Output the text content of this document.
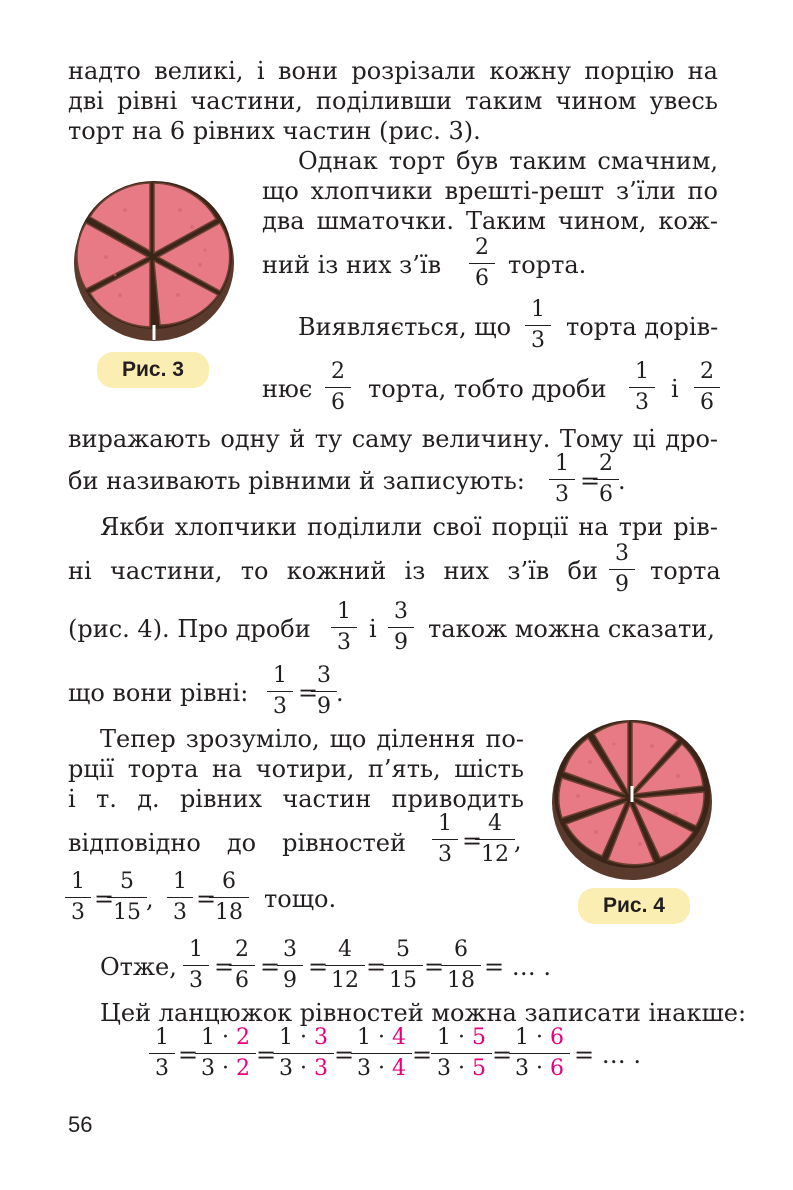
надто великі, і вони розрізали кожну порцію на
дві рівні частини, поділивши таким чином увесь
торт на 6 рівних частин (рис. 3).
Рис. 3
Однак торт був таким смачним,
що хлопчики врешті-решт з’їли по
два шматочки. Таким чином, кож-
ний із них з’їв $\frac{2}{6}$ торта.
Виявляється, що $\frac{1}{3}$ торта дорів-
нює $\frac{2}{6}$ торта, тобто дроби $\frac{1}{3}$ і $\frac{2}{6}$
виражають одну й ту саму величину. Тому ці дро-
би називають рівними й записують: $\frac{1}{3}$ =
$\frac{2}{6}$ .
Якби хлопчики поділили свої порції на три рів-
ні частини, то кожний із них з’їв би $\frac{3}{9}$ торта
(рис. 4). Про дроби $\frac{1}{3}$ і $\frac{3}{9}$ також можна сказати,
що вони рівні: $\frac{1}{3}$ =
$\frac{3}{9}$ .
Рис. 4
Тепер зрозуміло, що ділення по-
рції торта на чотири, п’ять, шість
і т. д. рівних частин приводить
відповідно до рівностей $\frac{1}{3}$ =
$\frac{4}{12}$ ,
$\frac{1}{3}$ =
$\frac{5}{15}$ , $\frac{1}{3}$ =
$\frac{6}{18}$ тощо.
Отже, $\frac{1}{3}$ =
$\frac{2}{6} = \frac{3}{9} = \frac{4}{12} = \frac{5}{15} = \frac{6}{18}$ = … .
Цей ланцюжок рівностей можна записати інакше:
$\frac{1}{3} = \frac{1 \cdot 2}{3 \cdot 2} = \frac{1 \cdot 3}{3 \cdot 3} = \frac{1 \cdot 4}{3 \cdot 4} = \frac{1 \cdot 5}{3 \cdot 5} = \frac{1 \cdot 6}{3 \cdot 6}$ = … .
56
